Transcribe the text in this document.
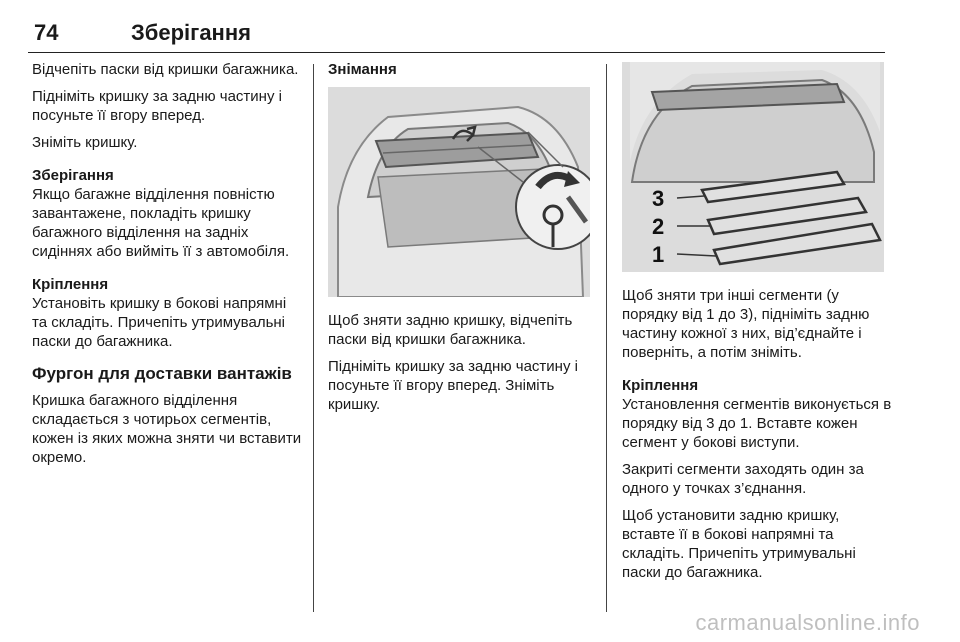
74	Зберігання

Відчепіть паски від кришки багажника.

Підніміть кришку за задню частину і посуньте її вгору вперед.

Зніміть кришку.

Зберігання

Якщо багажне відділення повністю завантажене, покладіть кришку багажного відділення на задніх сидіннях або вийміть її з автомобіля.

Кріплення

Установіть кришку в бокові напрямні та складіть. Причепіть утримувальні паски до багажника.

Фургон для доставки вантажів

Кришка багажного відділення складається з чотирьох сегментів, кожен із яких можна зняти чи вставити окремо.

Знімання

Щоб зняти задню кришку, відчепіть паски від кришки багажника.

Підніміть кришку за задню частину і посуньте її вгору вперед. Зніміть кришку.

3
2
1

Щоб зняти три інші сегменти (у порядку від 1 до 3), підніміть задню частину кожної з них, від’єднайте і поверніть, а потім зніміть.

Кріплення

Установлення сегментів виконується в порядку від 3 до 1. Вставте кожен сегмент у бокові виступи.

Закриті сегменти заходять один за одного у точках з’єднання.

Щоб установити задню кришку, вставте її в бокові напрямні та складіть. Причепіть утримувальні паски до багажника.

carmanualsonline.info
